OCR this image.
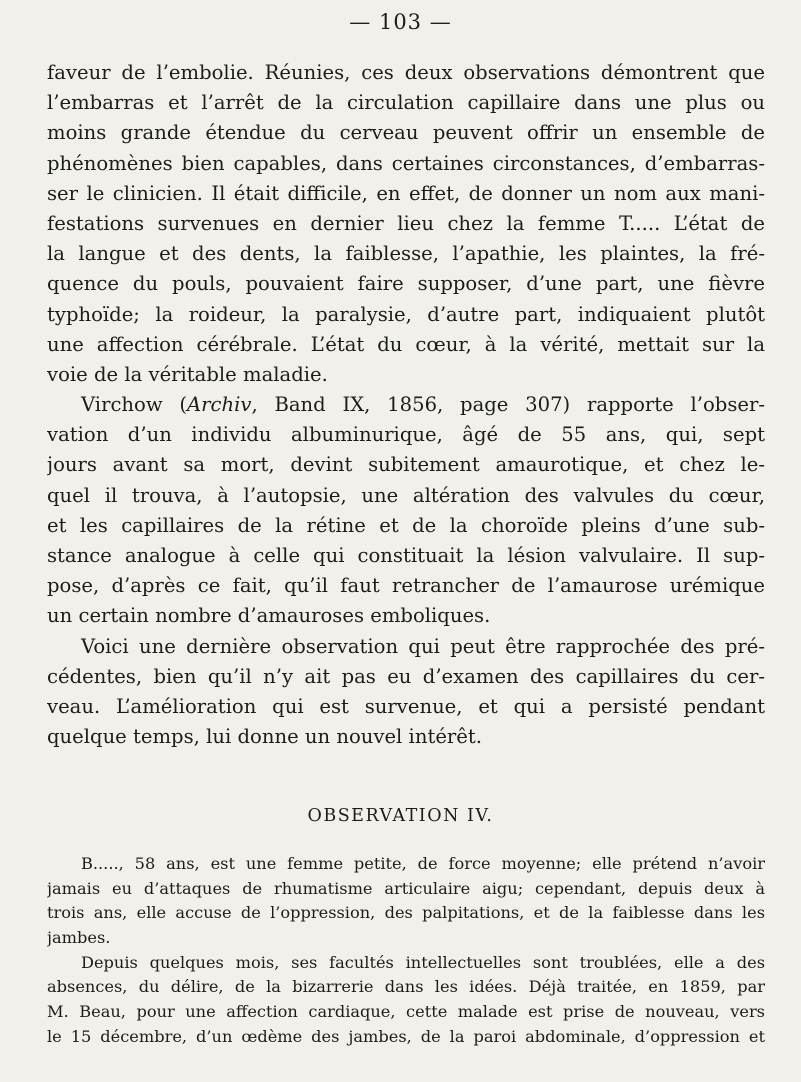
— 103 —
faveur de l’embolie. Réunies, ces deux observations démontrent que
l’embarras et l’arrêt de la circulation capillaire dans une plus ou
moins grande étendue du cerveau peuvent offrir un ensemble de
phénomènes bien capables, dans certaines circonstances, d’embarras-
ser le clinicien. Il était difficile, en effet, de donner un nom aux mani-
festations survenues en dernier lieu chez la femme T..... L’état de
la langue et des dents, la faiblesse, l’apathie, les plaintes, la fré-
quence du pouls, pouvaient faire supposer, d’une part, une fièvre
typhoïde; la roideur, la paralysie, d’autre part, indiquaient plutôt
une affection cérébrale. L’état du cœur, à la vérité, mettait sur la
voie de la véritable maladie.
Virchow (Archiv, Band IX, 1856, page 307) rapporte l’obser-
vation d’un individu albuminurique, âgé de 55 ans, qui, sept
jours avant sa mort, devint subitement amaurotique, et chez le-
quel il trouva, à l’autopsie, une altération des valvules du cœur,
et les capillaires de la rétine et de la choroïde pleins d’une sub-
stance analogue à celle qui constituait la lésion valvulaire. Il sup-
pose, d’après ce fait, qu’il faut retrancher de l’amaurose urémique
un certain nombre d’amauroses emboliques.
Voici une dernière observation qui peut être rapprochée des pré-
cédentes, bien qu’il n’y ait pas eu d’examen des capillaires du cer-
veau. L’amélioration qui est survenue, et qui a persisté pendant
quelque temps, lui donne un nouvel intérêt.
OBSERVATION IV.
B....., 58 ans, est une femme petite, de force moyenne; elle prétend n’avoir
jamais eu d’attaques de rhumatisme articulaire aigu; cependant, depuis deux à
trois ans, elle accuse de l’oppression, des palpitations, et de la faiblesse dans les
jambes.
Depuis quelques mois, ses facultés intellectuelles sont troublées, elle a des
absences, du délire, de la bizarrerie dans les idées. Déjà traitée, en 1859, par
M. Beau, pour une affection cardiaque, cette malade est prise de nouveau, vers
le 15 décembre, d’un œdème des jambes, de la paroi abdominale, d’oppression et
